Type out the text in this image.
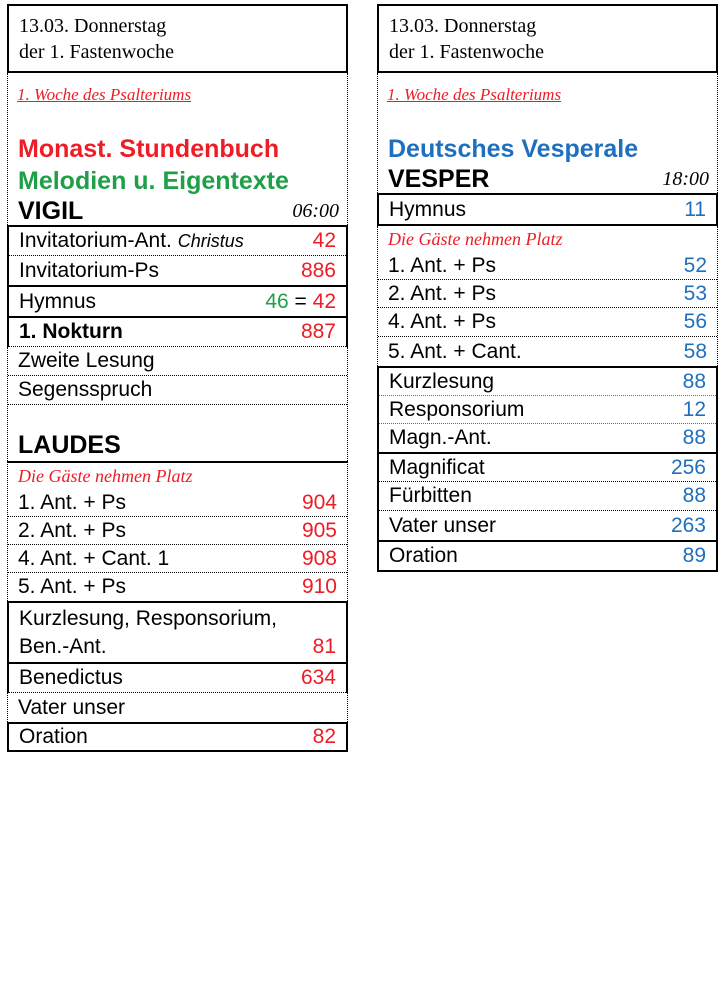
13.03. Donnerstag
der 1. Fastenwoche
1. Woche des Psalteriums
Monast. Stundenbuch
Melodien u. Eigentexte
VIGIL	06:00
Invitatorium-Ant. Christus	42
Invitatorium-Ps	886
Hymnus	46 = 42
1. Nokturn	887
Zweite Lesung
Segensspruch
LAUDES
Die Gäste nehmen Platz
1. Ant. + Ps	904
2. Ant. + Ps	905
4. Ant. + Cant. 1	908
5. Ant. + Ps	910
Kurzlesung, Responsorium,
Ben.-Ant.	81
Benedictus	634
Vater unser
Oration	82
13.03. Donnerstag
der 1. Fastenwoche
1. Woche des Psalteriums
Deutsches Vesperale
VESPER	18:00
Hymnus	11
Die Gäste nehmen Platz
1. Ant. + Ps	52
2. Ant. + Ps	53
4. Ant. + Ps	56
5. Ant. + Cant.	58
Kurzlesung	88
Responsorium	12
Magn.-Ant.	88
Magnificat	256
Fürbitten	88
Vater unser	263
Oration	89
